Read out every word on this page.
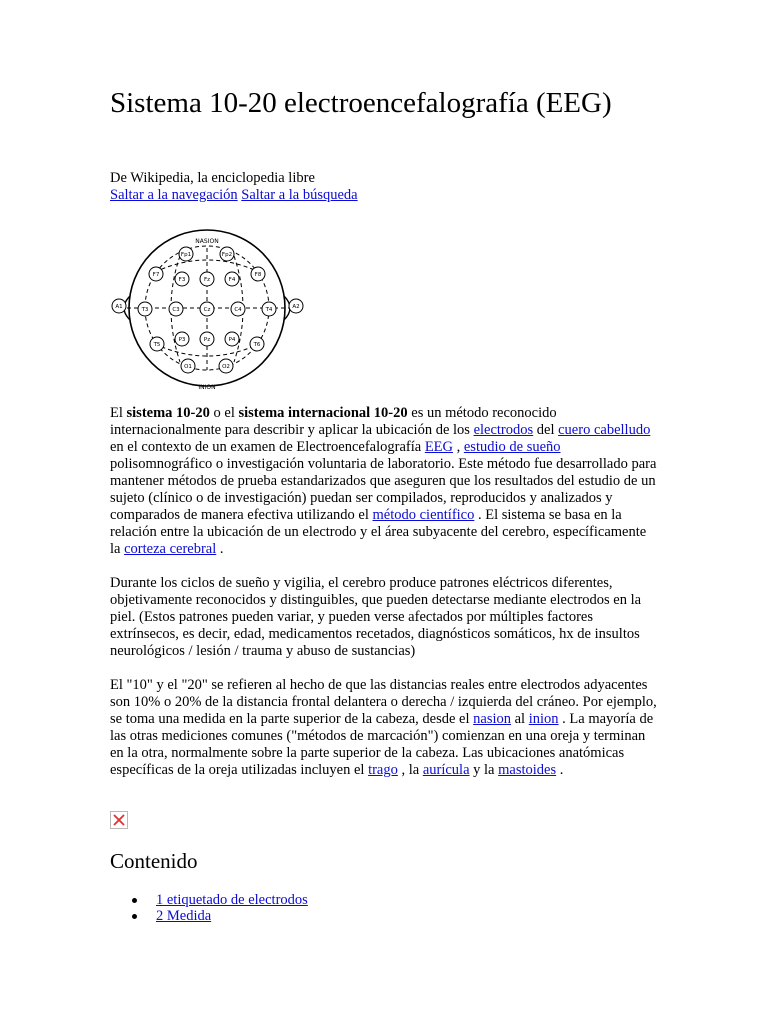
Sistema 10-20 electroencefalografía (EEG)
De Wikipedia, la enciclopedia libre
Saltar a la navegación Saltar a la búsqueda
NASION
INION
Fp1	Fp2
F7
F3	Fz	F4
F8
A1	T3	C3	Cz	C4	T4	A2
T5
P3	Pz	P4
T6
O1	O2

El sistema 10-20 o el sistema internacional 10-20 es un método reconocido internacionalmente para describir y aplicar la ubicación de los electrodos del cuero cabelludo en el contexto de un examen de Electroencefalografía EEG , estudio de sueño polisomnográfico o investigación voluntaria de laboratorio. Este método fue desarrollado para mantener métodos de prueba estandarizados que aseguren que los resultados del estudio de un sujeto (clínico o de investigación) puedan ser compilados, reproducidos y analizados y comparados de manera efectiva utilizando el método científico . El sistema se basa en la relación entre la ubicación de un electrodo y el área subyacente del cerebro, específicamente la corteza cerebral .

Durante los ciclos de sueño y vigilia, el cerebro produce patrones eléctricos diferentes, objetivamente reconocidos y distinguibles, que pueden detectarse mediante electrodos en la piel. (Estos patrones pueden variar, y pueden verse afectados por múltiples factores extrínsecos, es decir, edad, medicamentos recetados, diagnósticos somáticos, hx de insultos neurológicos / lesión / trauma y abuso de sustancias)

El "10" y el "20" se refieren al hecho de que las distancias reales entre electrodos adyacentes son 10% o 20% de la distancia frontal delantera o derecha / izquierda del cráneo. Por ejemplo, se toma una medida en la parte superior de la cabeza, desde el nasion al inion . La mayoría de las otras mediciones comunes ("métodos de marcación") comienzan en una oreja y terminan en la otra, normalmente sobre la parte superior de la cabeza. Las ubicaciones anatómicas específicas de la oreja utilizadas incluyen el trago , la aurícula y la mastoides .

Contenido
1 etiquetado de electrodos
2 Medida
